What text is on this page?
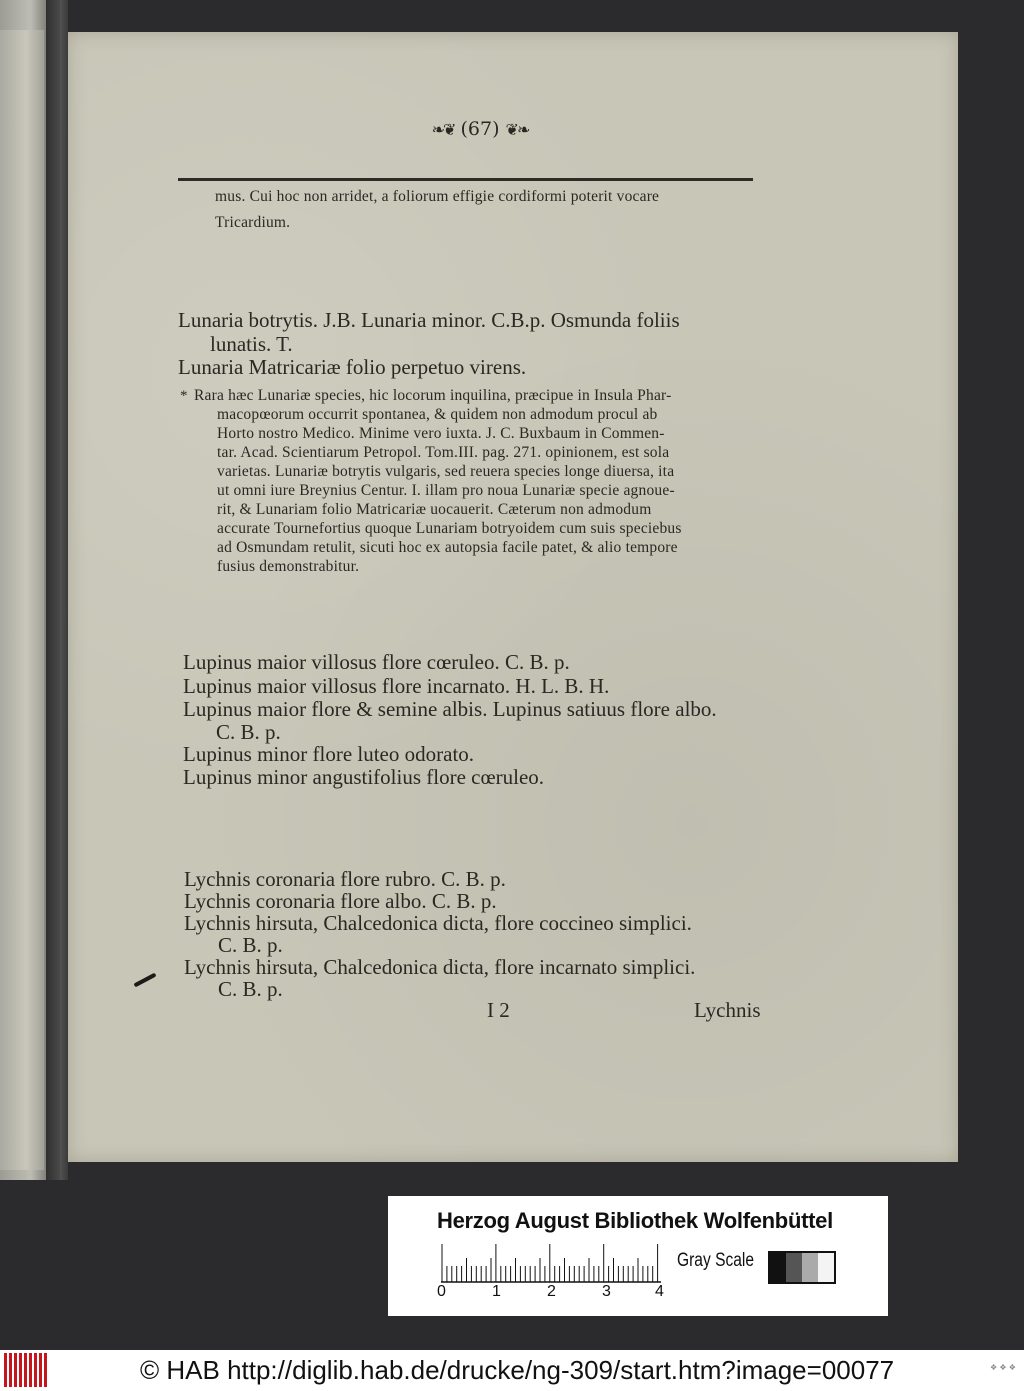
❧❦ (67) ❦❧
mus. Cui hoc non arridet, a foliorum effigie cordiformi poterit vocare
Tricardium.
Lunaria botrytis. J.B. Lunaria minor. C.B.p. Osmunda foliis
lunatis. T.
Lunaria Matricariæ folio perpetuo virens.
* Rara hæc Lunariæ species, hic locorum inquilina, præcipue in Insula Phar-
macopœorum occurrit spontanea, & quidem non admodum procul ab
Horto nostro Medico. Minime vero iuxta. J. C. Buxbaum in Commen-
tar. Acad. Scientiarum Petropol. Tom.III. pag. 271. opinionem, est sola
varietas. Lunariæ botrytis vulgaris, sed reuera species longe diuersa, ita
ut omni iure Breynius Centur. I. illam pro noua Lunariæ specie agnoue-
rit, & Lunariam folio Matricariæ uocauerit. Cæterum non admodum
accurate Tournefortius quoque Lunariam botryoidem cum suis speciebus
ad Osmundam retulit, sicuti hoc ex autopsia facile patet, & alio tempore
fusius demonstrabitur.
Lupinus maior villosus flore cœruleo. C. B. p.
Lupinus maior villosus flore incarnato. H. L. B. H.
Lupinus maior flore & semine albis. Lupinus satiuus flore albo.
C. B. p.
Lupinus minor flore luteo odorato.
Lupinus minor angustifolius flore cœruleo.
Lychnis coronaria flore rubro. C. B. p.
Lychnis coronaria flore albo. C. B. p.
Lychnis hirsuta, Chalcedonica dicta, flore coccineo simplici.
C. B. p.
Lychnis hirsuta, Chalcedonica dicta, flore incarnato simplici.
C. B. p.
I 2	Lychnis
Herzog August Bibliothek Wolfenbüttel
0	1	2	3	4
Gray Scale
© HAB http://diglib.hab.de/drucke/ng-309/start.htm?image=00077	❖ ❖ ❖
